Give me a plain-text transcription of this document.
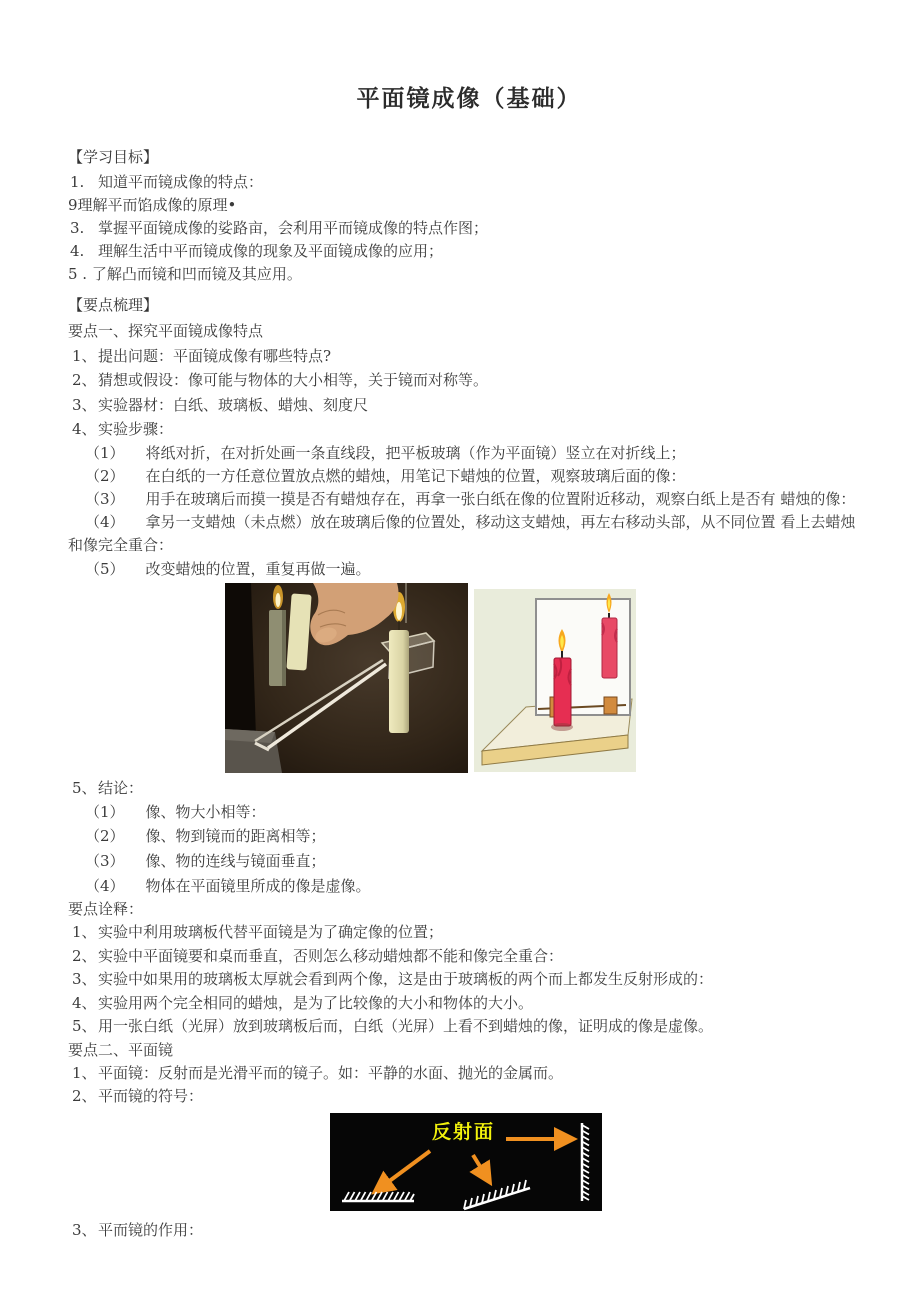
平面镜成像（基础）
【学习目标】
1. 知道平而镜成像的特点：
9理解平而馅成像的原理•
3. 掌握平面镜成像的娑路亩，会利用平而镜成像的特点作图；
4. 理解生活中平而镜成像的现象及平面镜成像的应用；
5 . 了解凸而镜和凹而镜及其应用。
【要点梳理】
要点一、探究平面镜成像特点
1、提出问题：平面镜成像有哪些特点?
2、猜想或假设：像可能与物体的大小相等，关于镜而对称等。
3、实验器材：白纸、玻璃板、蜡烛、刻度尺
4、实验步骤：
（1） 将纸对折，在对折处画一条直线段，把平板玻璃（作为平面镜）竖立在对折线上；
（2） 在白纸的一方任意位置放点燃的蜡烛，用笔记下蜡烛的位置，观察玻璃后面的像：
（3） 用手在玻璃后而摸一摸是否有蜡烛存在，再拿一张白纸在像的位置附近移动，观察白纸上是否有 蜡烛的像：
（4） 拿另一支蜡烛（未点燃）放在玻璃后像的位置处，移动这支蜡烛，再左右移动头部，从不同位置 看上去蜡烛和像完全重合：
（5） 改变蜡烛的位置，重复再做一遍。
5、结论：
（1） 像、物大小相等：
（2） 像、物到镜而的距离相等；
（3） 像、物的连线与镜面垂直；
（4） 物体在平面镜里所成的像是虚像。
要点诠释：
1、实验中利用玻璃板代替平面镜是为了确定像的位置；
2、实验中平面镜要和桌而垂直，否则怎么移动蜡烛都不能和像完全重合：
3、实验中如果用的玻璃板太厚就会看到两个像，这是由于玻璃板的两个而上都发生反射形成的：
4、实验用两个完全相同的蜡烛，是为了比较像的大小和物体的大小。
5、用一张白纸（光屏）放到玻璃板后而，白纸（光屏）上看不到蜡烛的像，证明成的像是虚像。
要点二、平面镜
1、平面镜：反射而是光滑平而的镜子。如：平静的水面、抛光的金属而。
2、平而镜的符号：
反射面
3、平而镜的作用：
